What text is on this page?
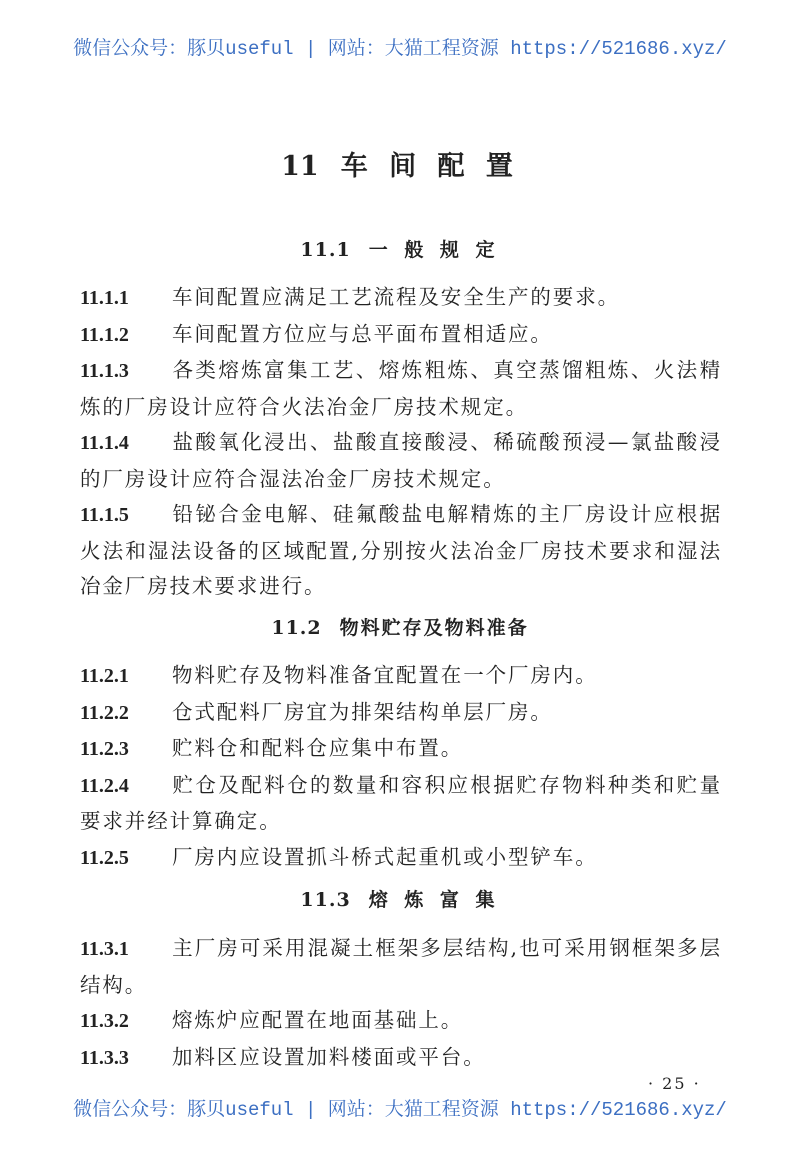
微信公众号：豚贝useful | 网站：大猫工程资源 https://521686.xyz/
11 车 间 配 置
11.1 一 般 规 定
11.1.1 车间配置应满足工艺流程及安全生产的要求。
11.1.2 车间配置方位应与总平面布置相适应。
11.1.3 各类熔炼富集工艺、熔炼粗炼、真空蒸馏粗炼、火法精炼的厂房设计应符合火法冶金厂房技术规定。
11.1.4 盐酸氧化浸出、盐酸直接酸浸、稀硫酸预浸—氯盐酸浸的厂房设计应符合湿法冶金厂房技术规定。
11.1.5 铅铋合金电解、硅氟酸盐电解精炼的主厂房设计应根据火法和湿法设备的区域配置,分别按火法冶金厂房技术要求和湿法冶金厂房技术要求进行。
11.2 物料贮存及物料准备
11.2.1 物料贮存及物料准备宜配置在一个厂房内。
11.2.2 仓式配料厂房宜为排架结构单层厂房。
11.2.3 贮料仓和配料仓应集中布置。
11.2.4 贮仓及配料仓的数量和容积应根据贮存物料种类和贮量要求并经计算确定。
11.2.5 厂房内应设置抓斗桥式起重机或小型铲车。
11.3 熔 炼 富 集
11.3.1 主厂房可采用混凝土框架多层结构,也可采用钢框架多层结构。
11.3.2 熔炼炉应配置在地面基础上。
11.3.3 加料区应设置加料楼面或平台。
· 25 ·
微信公众号：豚贝useful | 网站：大猫工程资源 https://521686.xyz/
